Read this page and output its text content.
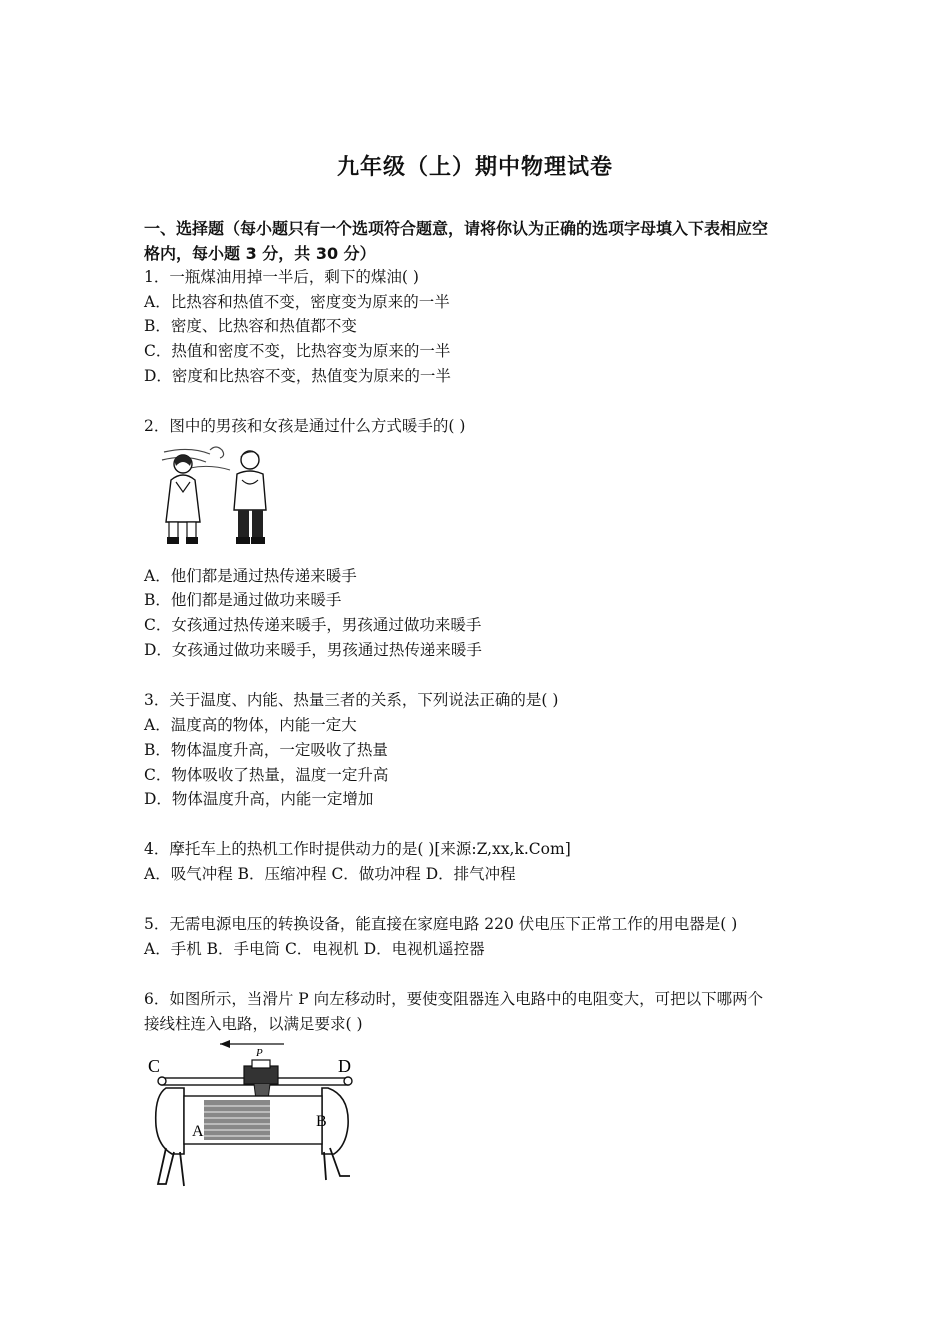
九年级（上）期中物理试卷
一、选择题（每小题只有一个选项符合题意，请将你认为正确的选项字母填入下表相应空
格内，每小题 3 分，共 30 分）
1．一瓶煤油用掉一半后，剩下的煤油( )
A．比热容和热值不变，密度变为原来的一半
B．密度、比热容和热值都不变
C．热值和密度不变，比热容变为原来的一半
D．密度和比热容不变，热值变为原来的一半
2．图中的男孩和女孩是通过什么方式暖手的( )
A．他们都是通过热传递来暖手
B．他们都是通过做功来暖手
C．女孩通过热传递来暖手，男孩通过做功来暖手
D．女孩通过做功来暖手，男孩通过热传递来暖手
3．关于温度、内能、热量三者的关系，下列说法正确的是( )
A．温度高的物体，内能一定大
B．物体温度升高，一定吸收了热量
C．物体吸收了热量，温度一定升高
D．物体温度升高，内能一定增加
4．摩托车上的热机工作时提供动力的是( )[来源:Z,xx,k.Com]
A．吸气冲程 B．压缩冲程 C．做功冲程 D．排气冲程
5．无需电源电压的转换设备，能直接在家庭电路 220 伏电压下正常工作的用电器是( )
A．手机 B．手电筒 C．电视机 D．电视机遥控器
6．如图所示，当滑片 P 向左移动时，要使变阻器连入电路中的电阻变大，可把以下哪两个
接线柱连入电路，以满足要求( )
P
C	D
A
B
